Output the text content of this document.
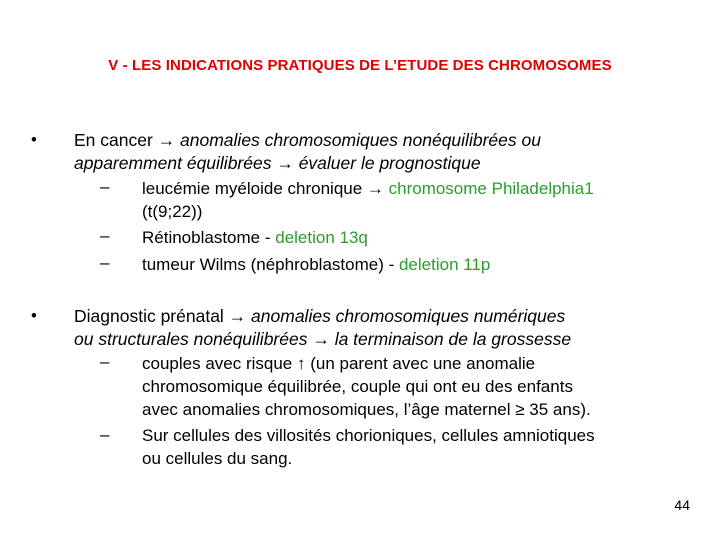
V - LES INDICATIONS PRATIQUES DE L’ETUDE DES CHROMOSOMES
• En cancer → anomalies chromosomiques nonéquilibrées ou
apparemment équilibrées → évaluer le prognostique
– leucémie myéloide chronique → chromosome Philadelphia1
(t(9;22))
– Rétinoblastome - deletion 13q
– tumeur Wilms (néphroblastome) - deletion 11p
• Diagnostic prénatal → anomalies chromosomiques numériques
ou structurales nonéquilibrées → la terminaison de la grossesse
– couples avec risque ↑ (un parent avec une anomalie
chromosomique équilibrée, couple qui ont eu des enfants
avec anomalies chromosomiques, l’âge maternel ≥ 35 ans).
– Sur cellules des villosités chorioniques, cellules amniotiques
ou cellules du sang.
44
